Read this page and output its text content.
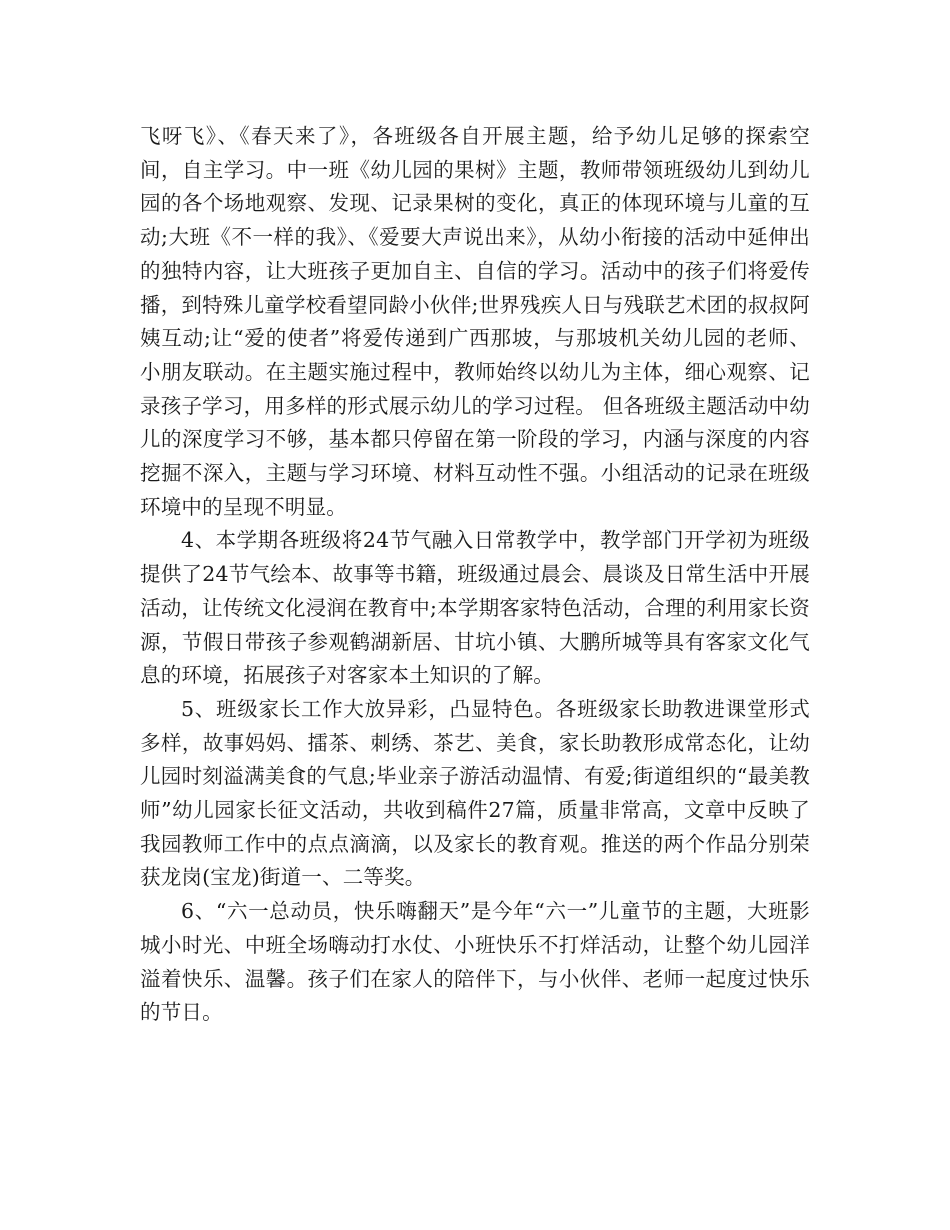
飞呀飞》、《春天来了》，各班级各自开展主题，给予幼儿足够的探索空间，自主学习。中一班《幼儿园的果树》主题，教师带领班级幼儿到幼儿园的各个场地观察、发现、记录果树的变化，真正的体现环境与儿童的互动;大班《不一样的我》、《爱要大声说出来》，从幼小衔接的活动中延伸出的独特内容，让大班孩子更加自主、自信的学习。活动中的孩子们将爱传播，到特殊儿童学校看望同龄小伙伴;世界残疾人日与残联艺术团的叔叔阿姨互动;让“爱的使者”将爱传递到广西那坡，与那坡机关幼儿园的老师、小朋友联动。在主题实施过程中，教师始终以幼儿为主体，细心观察、记录孩子学习，用多样的形式展示幼儿的学习过程。 但各班级主题活动中幼儿的深度学习不够，基本都只停留在第一阶段的学习，内涵与深度的内容挖掘不深入，主题与学习环境、材料互动性不强。小组活动的记录在班级环境中的呈现不明显。

4、本学期各班级将24节气融入日常教学中，教学部门开学初为班级提供了24节气绘本、故事等书籍，班级通过晨会、晨谈及日常生活中开展活动，让传统文化浸润在教育中;本学期客家特色活动，合理的利用家长资源，节假日带孩子参观鹤湖新居、甘坑小镇、大鹏所城等具有客家文化气息的环境，拓展孩子对客家本土知识的了解。

5、班级家长工作大放异彩，凸显特色。各班级家长助教进课堂形式多样，故事妈妈、擂茶、刺绣、茶艺、美食，家长助教形成常态化，让幼儿园时刻溢满美食的气息;毕业亲子游活动温情、有爱;街道组织的“最美教师”幼儿园家长征文活动，共收到稿件27篇，质量非常高，文章中反映了我园教师工作中的点点滴滴，以及家长的教育观。推送的两个作品分别荣获龙岗(宝龙)街道一、二等奖。

6、“六一总动员，快乐嗨翻天”是今年“六一”儿童节的主题，大班影城小时光、中班全场嗨动打水仗、小班快乐不打烊活动，让整个幼儿园洋溢着快乐、温馨。孩子们在家人的陪伴下，与小伙伴、老师一起度过快乐的节日。
